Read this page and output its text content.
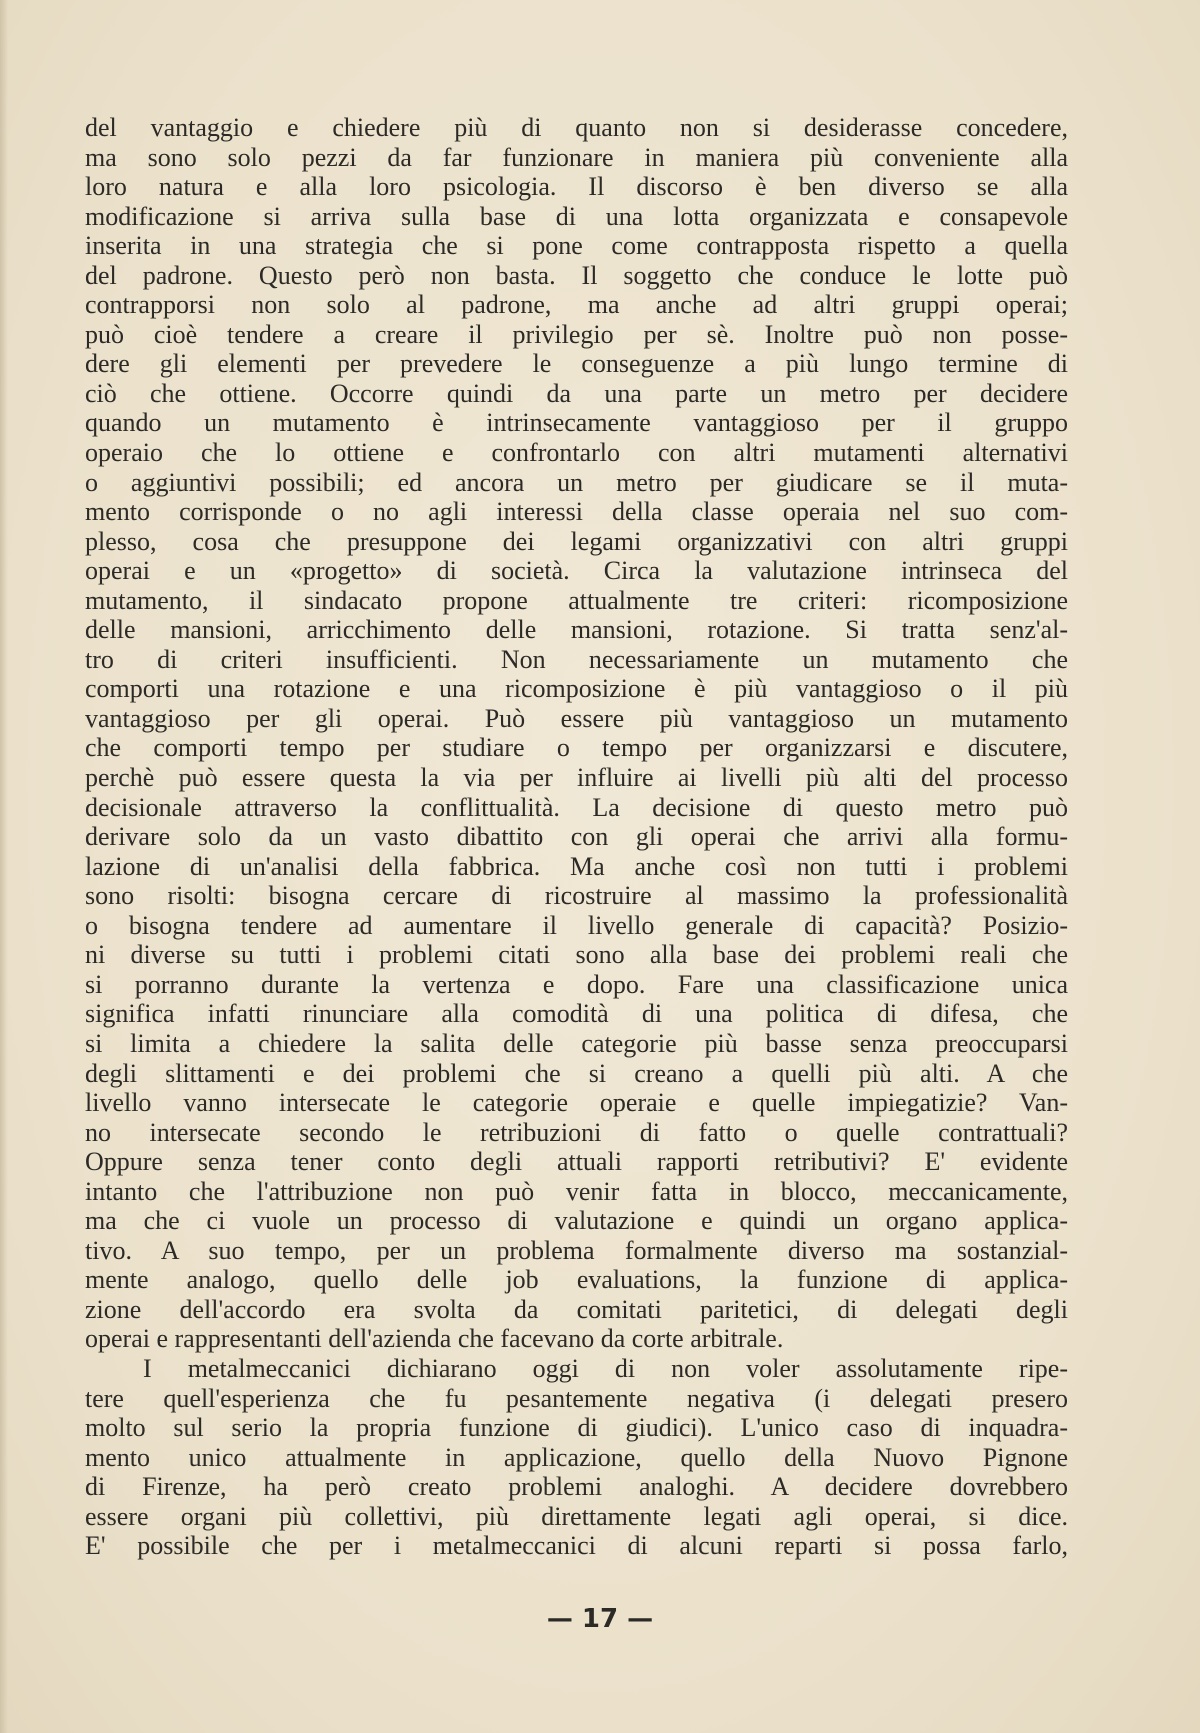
del vantaggio e chiedere più di quanto non si desiderasse concedere,
ma sono solo pezzi da far funzionare in maniera più conveniente alla
loro natura e alla loro psicologia. Il discorso è ben diverso se alla
modificazione si arriva sulla base di una lotta organizzata e consapevole
inserita in una strategia che si pone come contrapposta rispetto a quella
del padrone. Questo però non basta. Il soggetto che conduce le lotte può
contrapporsi non solo al padrone, ma anche ad altri gruppi operai;
può cioè tendere a creare il privilegio per sè. Inoltre può non posse-
dere gli elementi per prevedere le conseguenze a più lungo termine di
ciò che ottiene. Occorre quindi da una parte un metro per decidere
quando un mutamento è intrinsecamente vantaggioso per il gruppo
operaio che lo ottiene e confrontarlo con altri mutamenti alternativi
o aggiuntivi possibili; ed ancora un metro per giudicare se il muta-
mento corrisponde o no agli interessi della classe operaia nel suo com-
plesso, cosa che presuppone dei legami organizzativi con altri gruppi
operai e un «progetto» di società. Circa la valutazione intrinseca del
mutamento, il sindacato propone attualmente tre criteri: ricomposizione
delle mansioni, arricchimento delle mansioni, rotazione. Si tratta senz'al-
tro di criteri insufficienti. Non necessariamente un mutamento che
comporti una rotazione e una ricomposizione è più vantaggioso o il più
vantaggioso per gli operai. Può essere più vantaggioso un mutamento
che comporti tempo per studiare o tempo per organizzarsi e discutere,
perchè può essere questa la via per influire ai livelli più alti del processo
decisionale attraverso la conflittualità. La decisione di questo metro può
derivare solo da un vasto dibattito con gli operai che arrivi alla formu-
lazione di un'analisi della fabbrica. Ma anche così non tutti i problemi
sono risolti: bisogna cercare di ricostruire al massimo la professionalità
o bisogna tendere ad aumentare il livello generale di capacità? Posizio-
ni diverse su tutti i problemi citati sono alla base dei problemi reali che
si porranno durante la vertenza e dopo. Fare una classificazione unica
significa infatti rinunciare alla comodità di una politica di difesa, che
si limita a chiedere la salita delle categorie più basse senza preoccuparsi
degli slittamenti e dei problemi che si creano a quelli più alti. A che
livello vanno intersecate le categorie operaie e quelle impiegatizie? Van-
no intersecate secondo le retribuzioni di fatto o quelle contrattuali?
Oppure senza tener conto degli attuali rapporti retributivi? E' evidente
intanto che l'attribuzione non può venir fatta in blocco, meccanicamente,
ma che ci vuole un processo di valutazione e quindi un organo applica-
tivo. A suo tempo, per un problema formalmente diverso ma sostanzial-
mente analogo, quello delle job evaluations, la funzione di applica-
zione dell'accordo era svolta da comitati paritetici, di delegati degli
operai e rappresentanti dell'azienda che facevano da corte arbitrale.

I metalmeccanici dichiarano oggi di non voler assolutamente ripe-
tere quell'esperienza che fu pesantemente negativa (i delegati presero
molto sul serio la propria funzione di giudici). L'unico caso di inquadra-
mento unico attualmente in applicazione, quello della Nuovo Pignone
di Firenze, ha però creato problemi analoghi. A decidere dovrebbero
essere organi più collettivi, più direttamente legati agli operai, si dice.
E' possibile che per i metalmeccanici di alcuni reparti si possa farlo,

— 17 —
